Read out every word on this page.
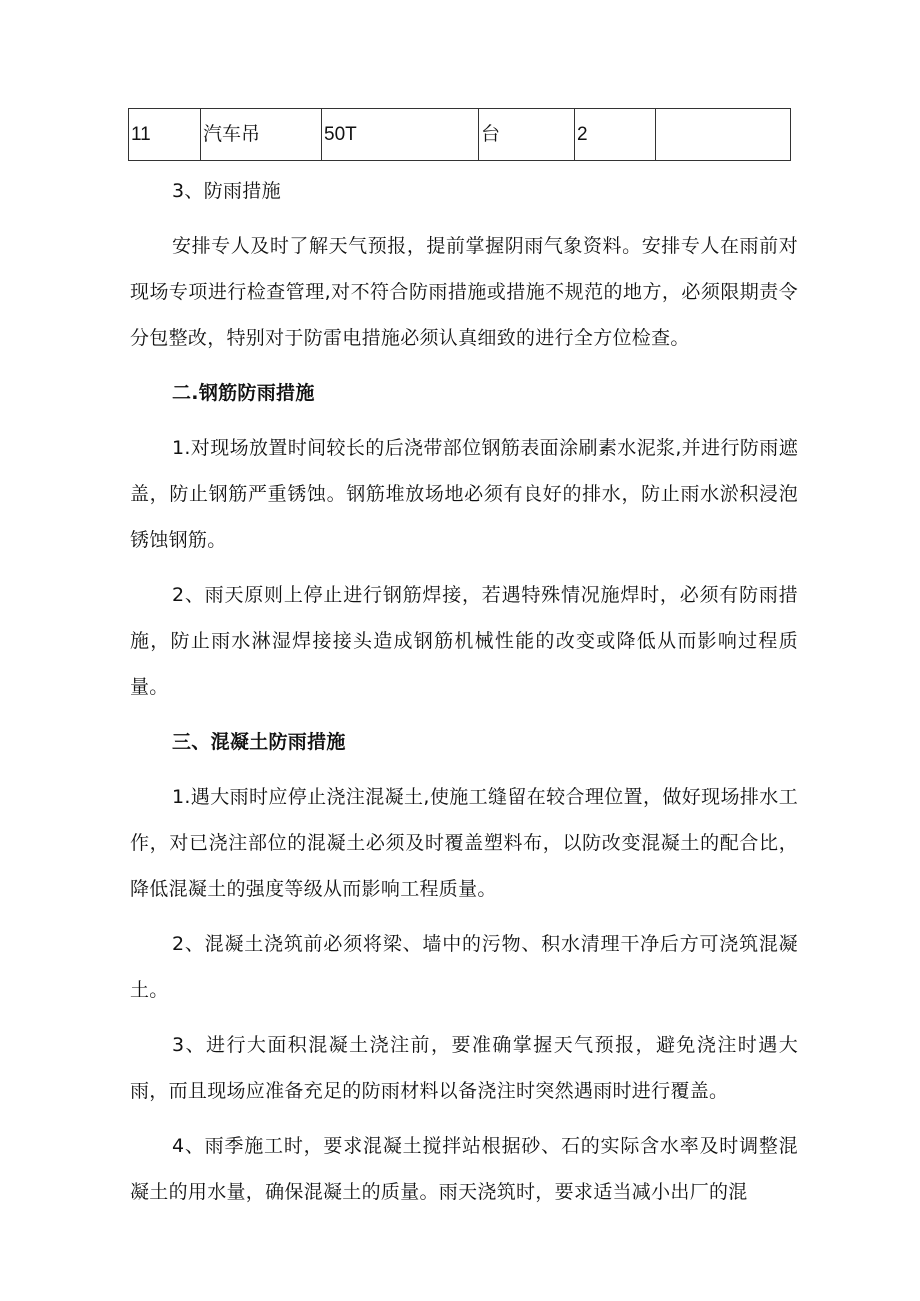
11	汽车吊	50T	台	2	

3、防雨措施

安排专人及时了解天气预报，提前掌握阴雨气象资料。安排专人在雨前对现场专项进行检查管理,对不符合防雨措施或措施不规范的地方，必须限期责令分包整改，特别对于防雷电措施必须认真细致的进行全方位检查。

二.钢筋防雨措施

1.对现场放置时间较长的后浇带部位钢筋表面涂刷素水泥浆,并进行防雨遮盖，防止钢筋严重锈蚀。钢筋堆放场地必须有良好的排水，防止雨水淤积浸泡锈蚀钢筋。

2、雨天原则上停止进行钢筋焊接，若遇特殊情况施焊时，必须有防雨措施，防止雨水淋湿焊接接头造成钢筋机械性能的改变或降低从而影响过程质量。

三、混凝土防雨措施

1.遇大雨时应停止浇注混凝土,使施工缝留在较合理位置，做好现场排水工作，对已浇注部位的混凝土必须及时覆盖塑料布，以防改变混凝土的配合比，降低混凝土的强度等级从而影响工程质量。

2、混凝土浇筑前必须将梁、墙中的污物、积水清理干净后方可浇筑混凝土。

3、进行大面积混凝土浇注前，要准确掌握天气预报，避免浇注时遇大雨，而且现场应准备充足的防雨材料以备浇注时突然遇雨时进行覆盖。

4、雨季施工时，要求混凝土搅拌站根据砂、石的实际含水率及时调整混凝土的用水量，确保混凝土的质量。雨天浇筑时，要求适当减小出厂的混
